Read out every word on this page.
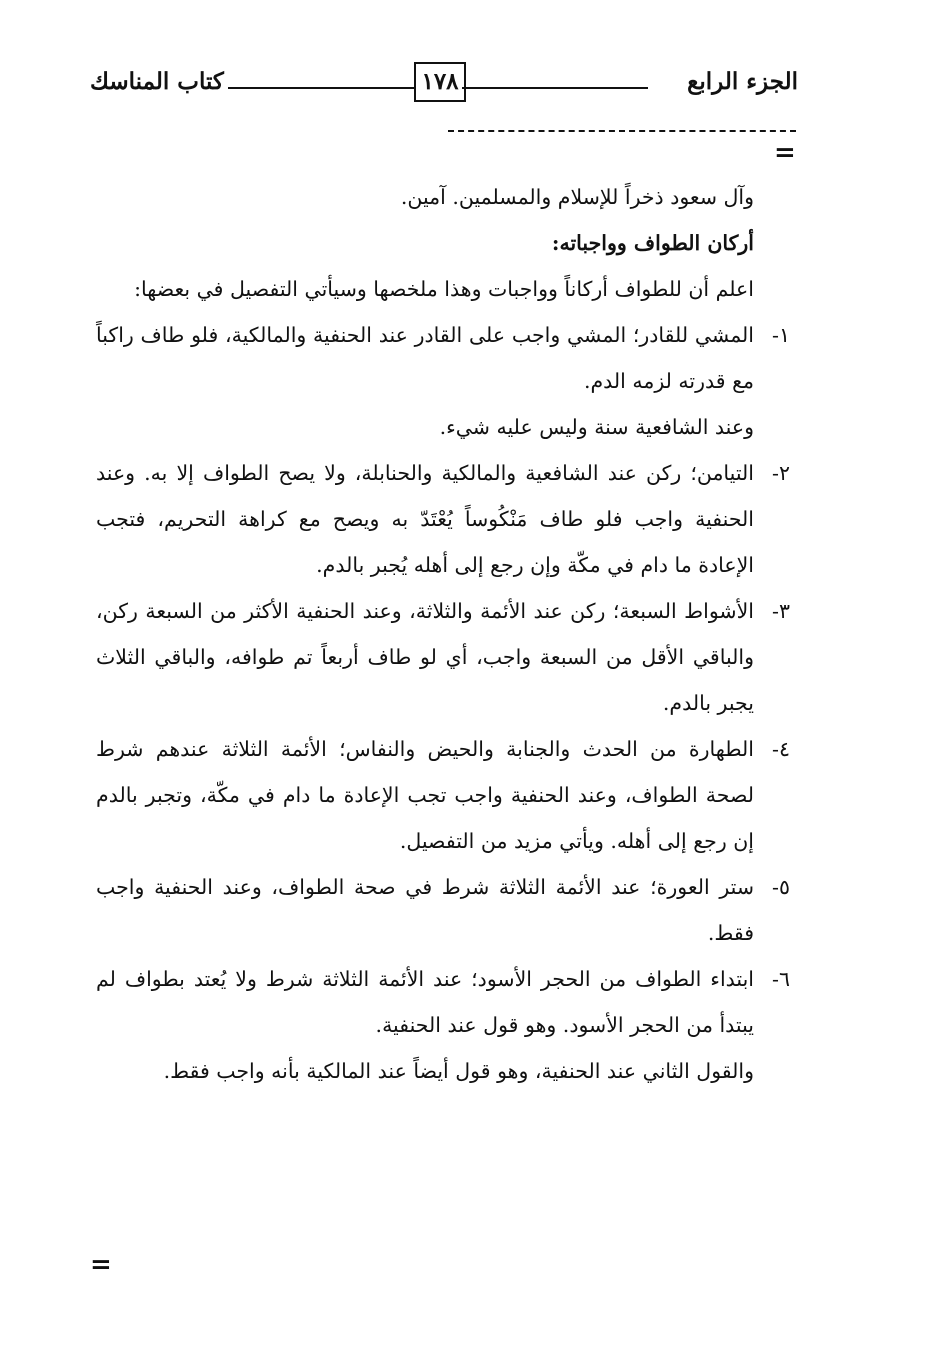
الجزء الرابع
١٧٨
كتاب المناسك
=

وآل سعود ذخراً للإسلام والمسلمين. آمين.

أركان الطواف وواجباته:

اعلم أن للطواف أركاناً وواجبات وهذا ملخصها وسيأتي التفصيل في بعضها:

١-
المشي للقادر؛ المشي واجب على القادر عند الحنفية والمالكية، فلو طاف راكباً مع قدرته لزمه الدم.

وعند الشافعية سنة وليس عليه شيء.

٢-
التيامن؛ ركن عند الشافعية والمالكية والحنابلة، ولا يصح الطواف إلا به. وعند الحنفية واجب فلو طاف مَنْكُوساً يُعْتَدّ به ويصح مع كراهة التحريم، فتجب الإعادة ما دام في مكّة وإن رجع إلى أهله يُجبر بالدم.
٣-
الأشواط السبعة؛ ركن عند الأئمة والثلاثة، وعند الحنفية الأكثر من السبعة ركن، والباقي الأقل من السبعة واجب، أي لو طاف أربعاً تم طوافه، والباقي الثلاث يجبر بالدم.
٤-
الطهارة من الحدث والجنابة والحيض والنفاس؛ الأئمة الثلاثة عندهم شرط لصحة الطواف، وعند الحنفية واجب تجب الإعادة ما دام في مكّة، وتجبر بالدم إن رجع إلى أهله. ويأتي مزيد من التفصيل.
٥-
ستر العورة؛ عند الأئمة الثلاثة شرط في صحة الطواف، وعند الحنفية واجب فقط.
٦-
ابتداء الطواف من الحجر الأسود؛ عند الأئمة الثلاثة شرط ولا يُعتد بطواف لم يبتدأ من الحجر الأسود. وهو قول عند الحنفية.

والقول الثاني عند الحنفية، وهو قول أيضاً عند المالكية بأنه واجب فقط.

=
